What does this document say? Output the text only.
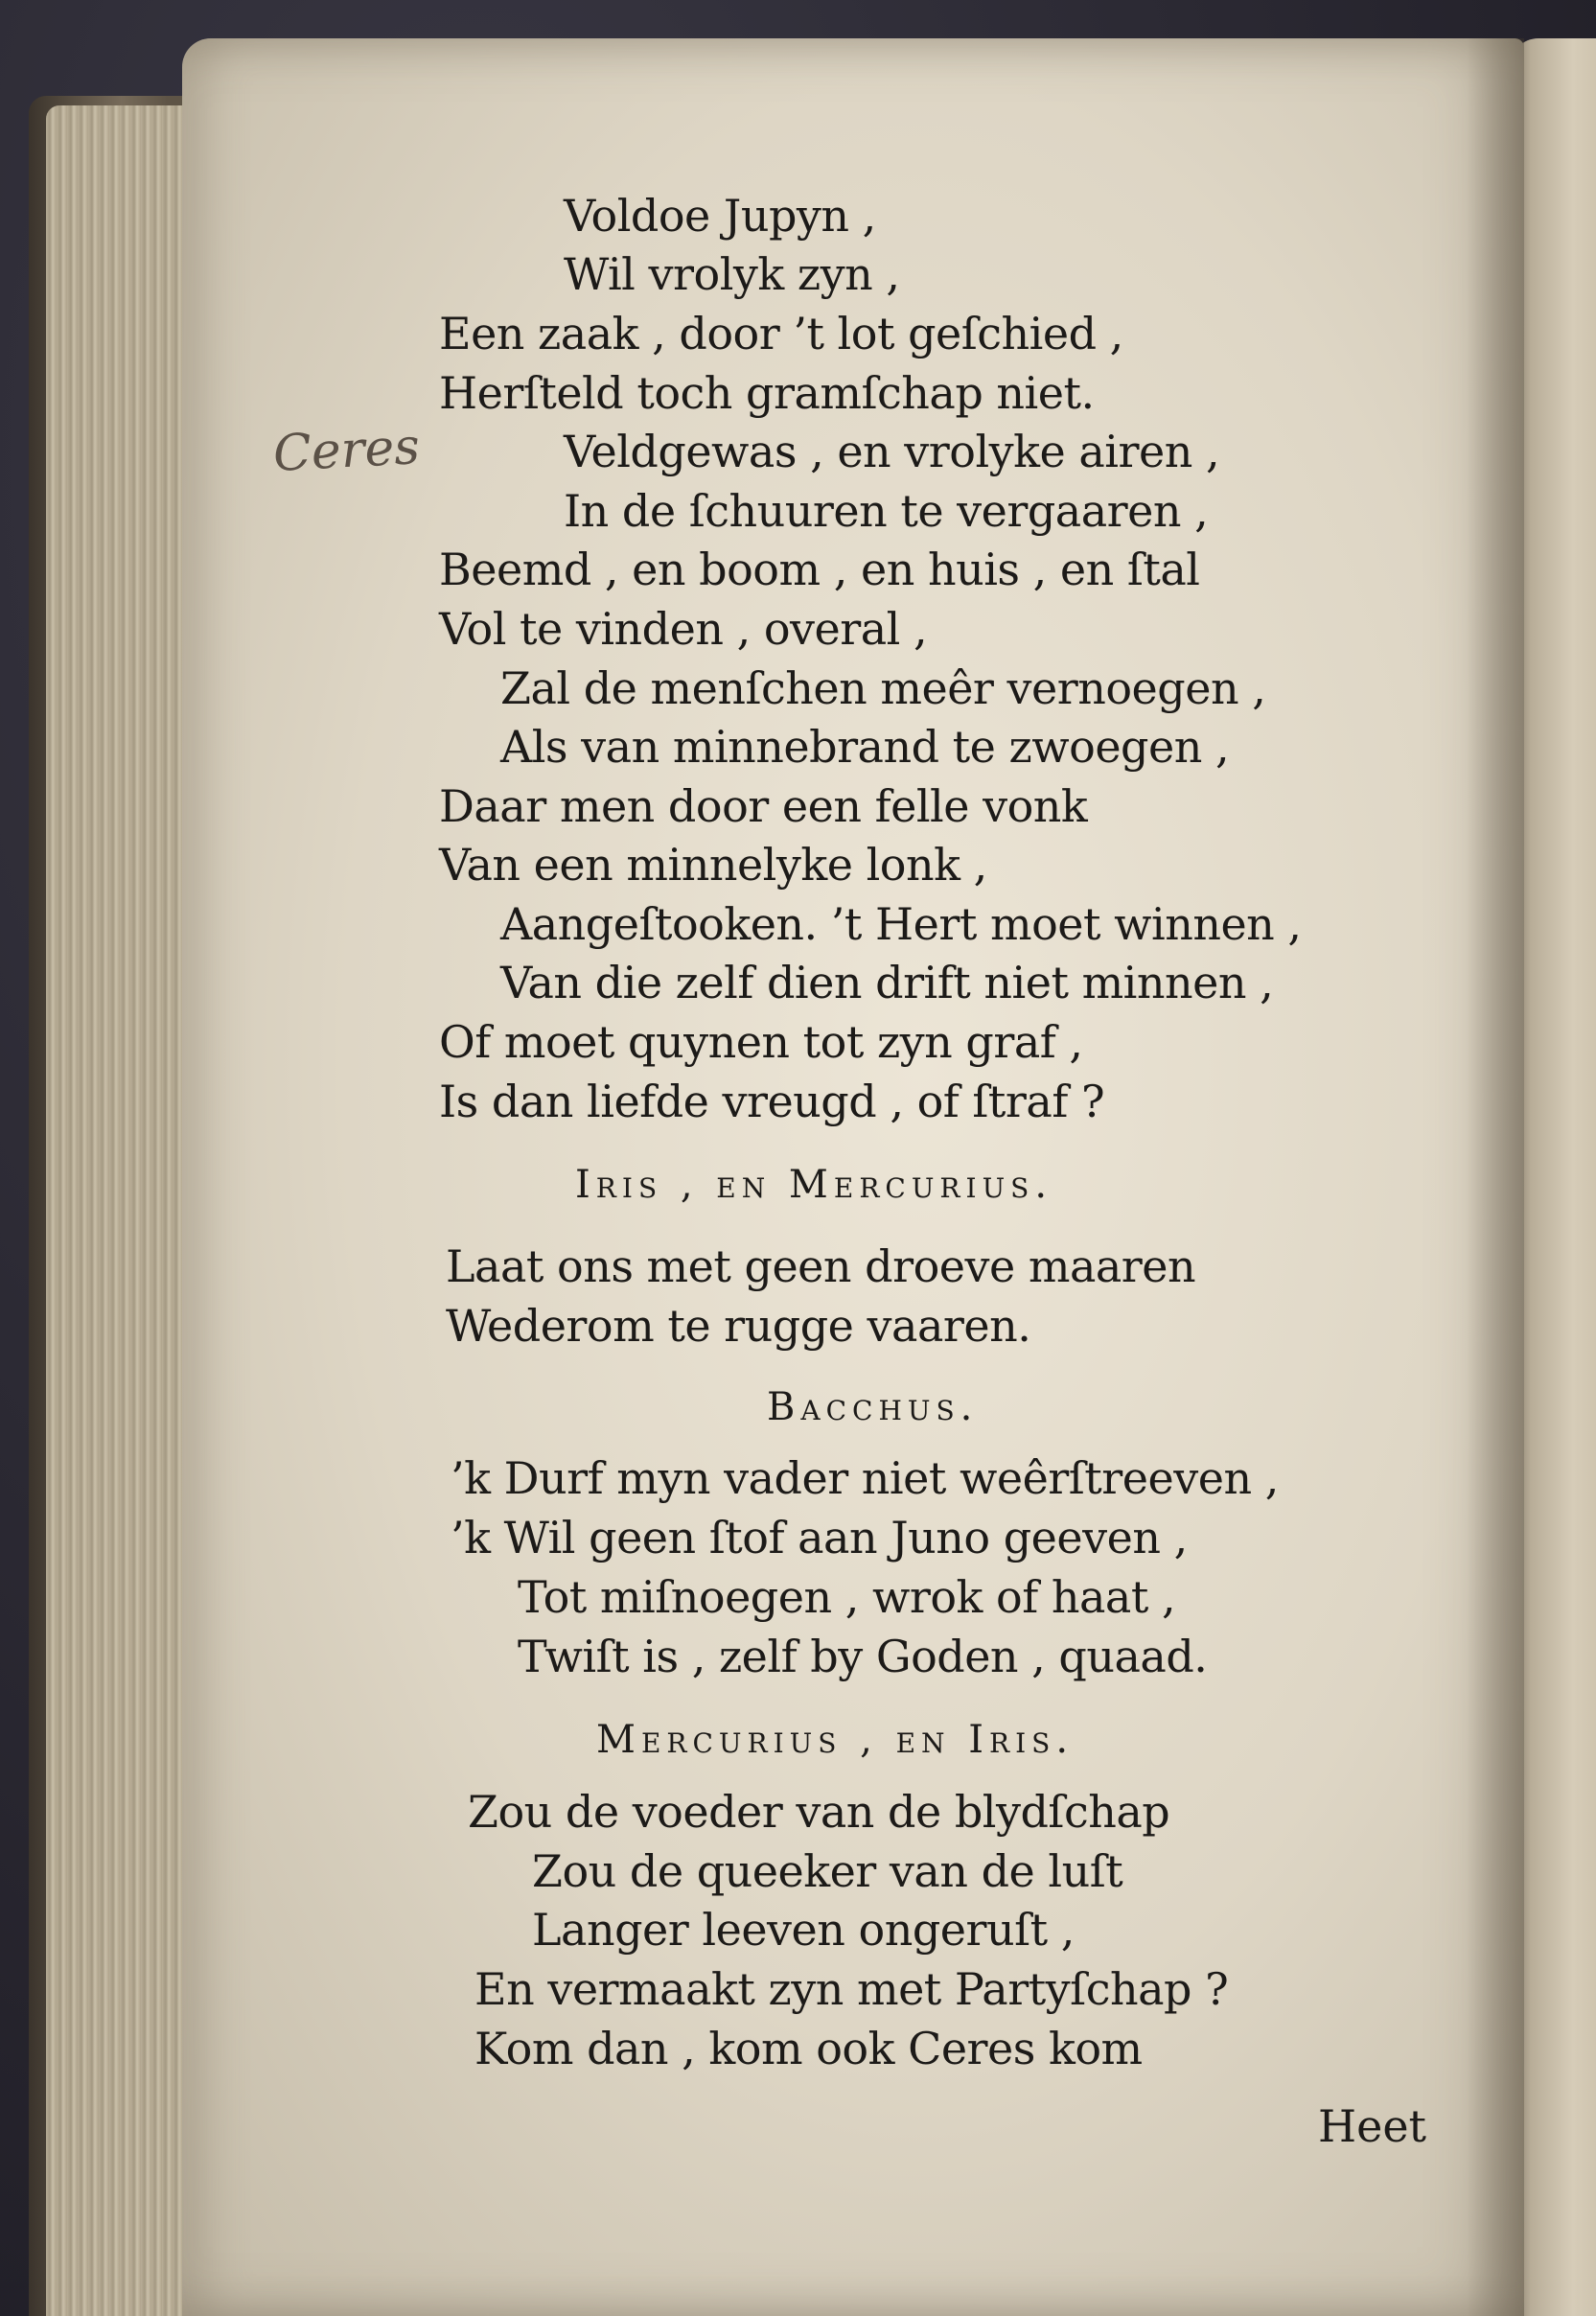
Ceres
Voldoe Jupyn ,
Wil vrolyk zyn ,
Een zaak , door ’t lot geſchied ,
Herſteld toch gramſchap niet.
Veldgewas , en vrolyke airen ,
In de ſchuuren te vergaaren ,
Beemd , en boom , en huis , en ſtal
Vol te vinden , overal ,
Zal de menſchen meêr vernoegen ,
Als van minnebrand te zwoegen ,
Daar men door een felle vonk
Van een minnelyke lonk ,
Aangeſtooken. ’t Hert moet winnen ,
Van die zelf dien drift niet minnen ,
Of moet quynen tot zyn graf ,
Is dan liefde vreugd , of ſtraf ?
Iris , en Mercurius.
Laat ons met geen droeve maaren
Wederom te rugge vaaren.
Bacchus.
’k Durf myn vader niet weêrſtreeven ,
’k Wil geen ſtof aan Juno geeven ,
Tot miſnoegen , wrok of haat ,
Twiſt is , zelf by Goden , quaad.
Mercurius , en Iris.
Zou de voeder van de blydſchap
Zou de queeker van de luſt
Langer leeven ongeruſt ,
En vermaakt zyn met Partyſchap ?
Kom dan , kom ook Ceres kom
Heet
